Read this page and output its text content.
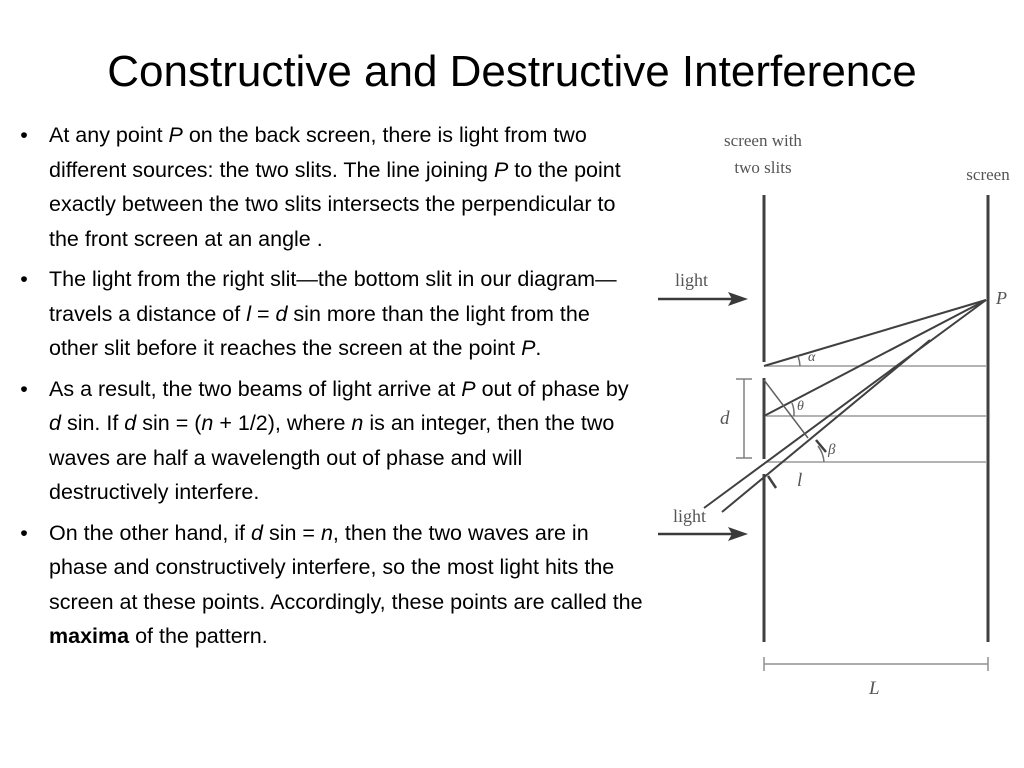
Constructive and Destructive Interference
• At any point P on the back screen, there is light from two different sources: the two slits. The line joining P to the point exactly between the two slits intersects the perpendicular to the front screen at an angle .
• The light from the right slit—the bottom slit in our diagram—travels a distance of l = d sin more than the light from the other slit before it reaches the screen at the point P.
• As a result, the two beams of light arrive at P out of phase by d sin. If d sin = (n + 1/2), where n is an integer, then the two waves are half a wavelength out of phase and will destructively interfere.
• On the other hand, if d sin = n, then the two waves are in phase and constructively interfere, so the most light hits the screen at these points. Accordingly, these points are called the maxima of the pattern.
screen with
two slits	screen
light
light
P
α
θ
β
d
l
L
